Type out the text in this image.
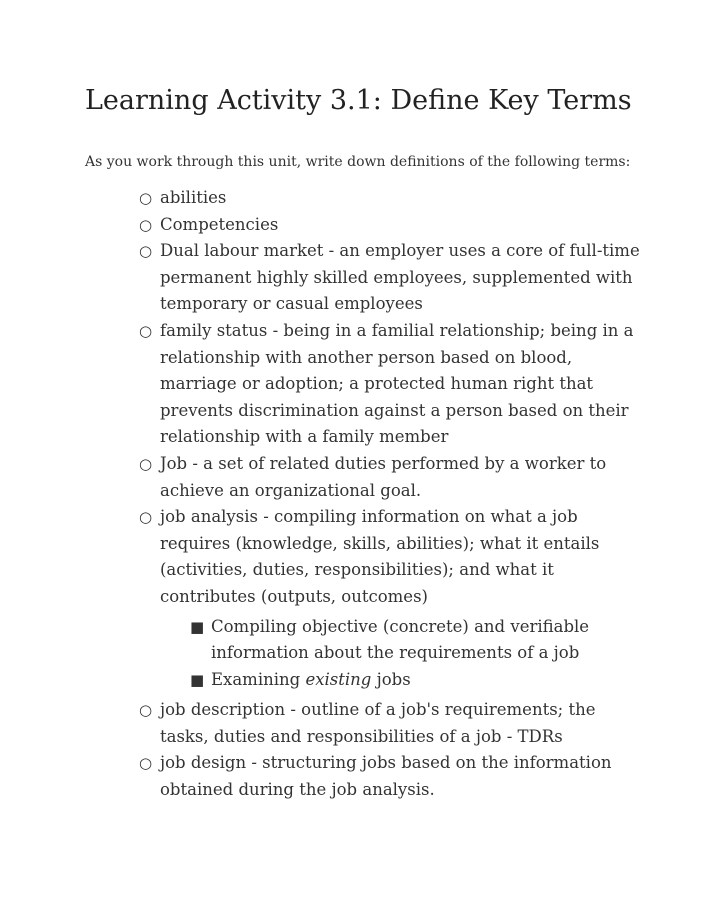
Learning Activity 3.1: Define Key Terms

As you work through this unit, write down definitions of the following terms:

○ abilities
○ Competencies
○ Dual labour market - an employer uses a core of full-time permanent highly skilled employees, supplemented with temporary or casual employees
○ family status - being in a familial relationship; being in a relationship with another person based on blood, marriage or adoption; a protected human right that prevents discrimination against a person based on their relationship with a family member
○ Job - a set of related duties performed by a worker to achieve an organizational goal.
○ job analysis - compiling information on what a job requires (knowledge, skills, abilities); what it entails (activities, duties, responsibilities); and what it contributes (outputs, outcomes)
■ Compiling objective (concrete) and verifiable information about the requirements of a job
■ Examining existing jobs
○ job description - outline of a job's requirements; the tasks, duties and responsibilities of a job - TDRs
○ job design - structuring jobs based on the information obtained during the job analysis.
